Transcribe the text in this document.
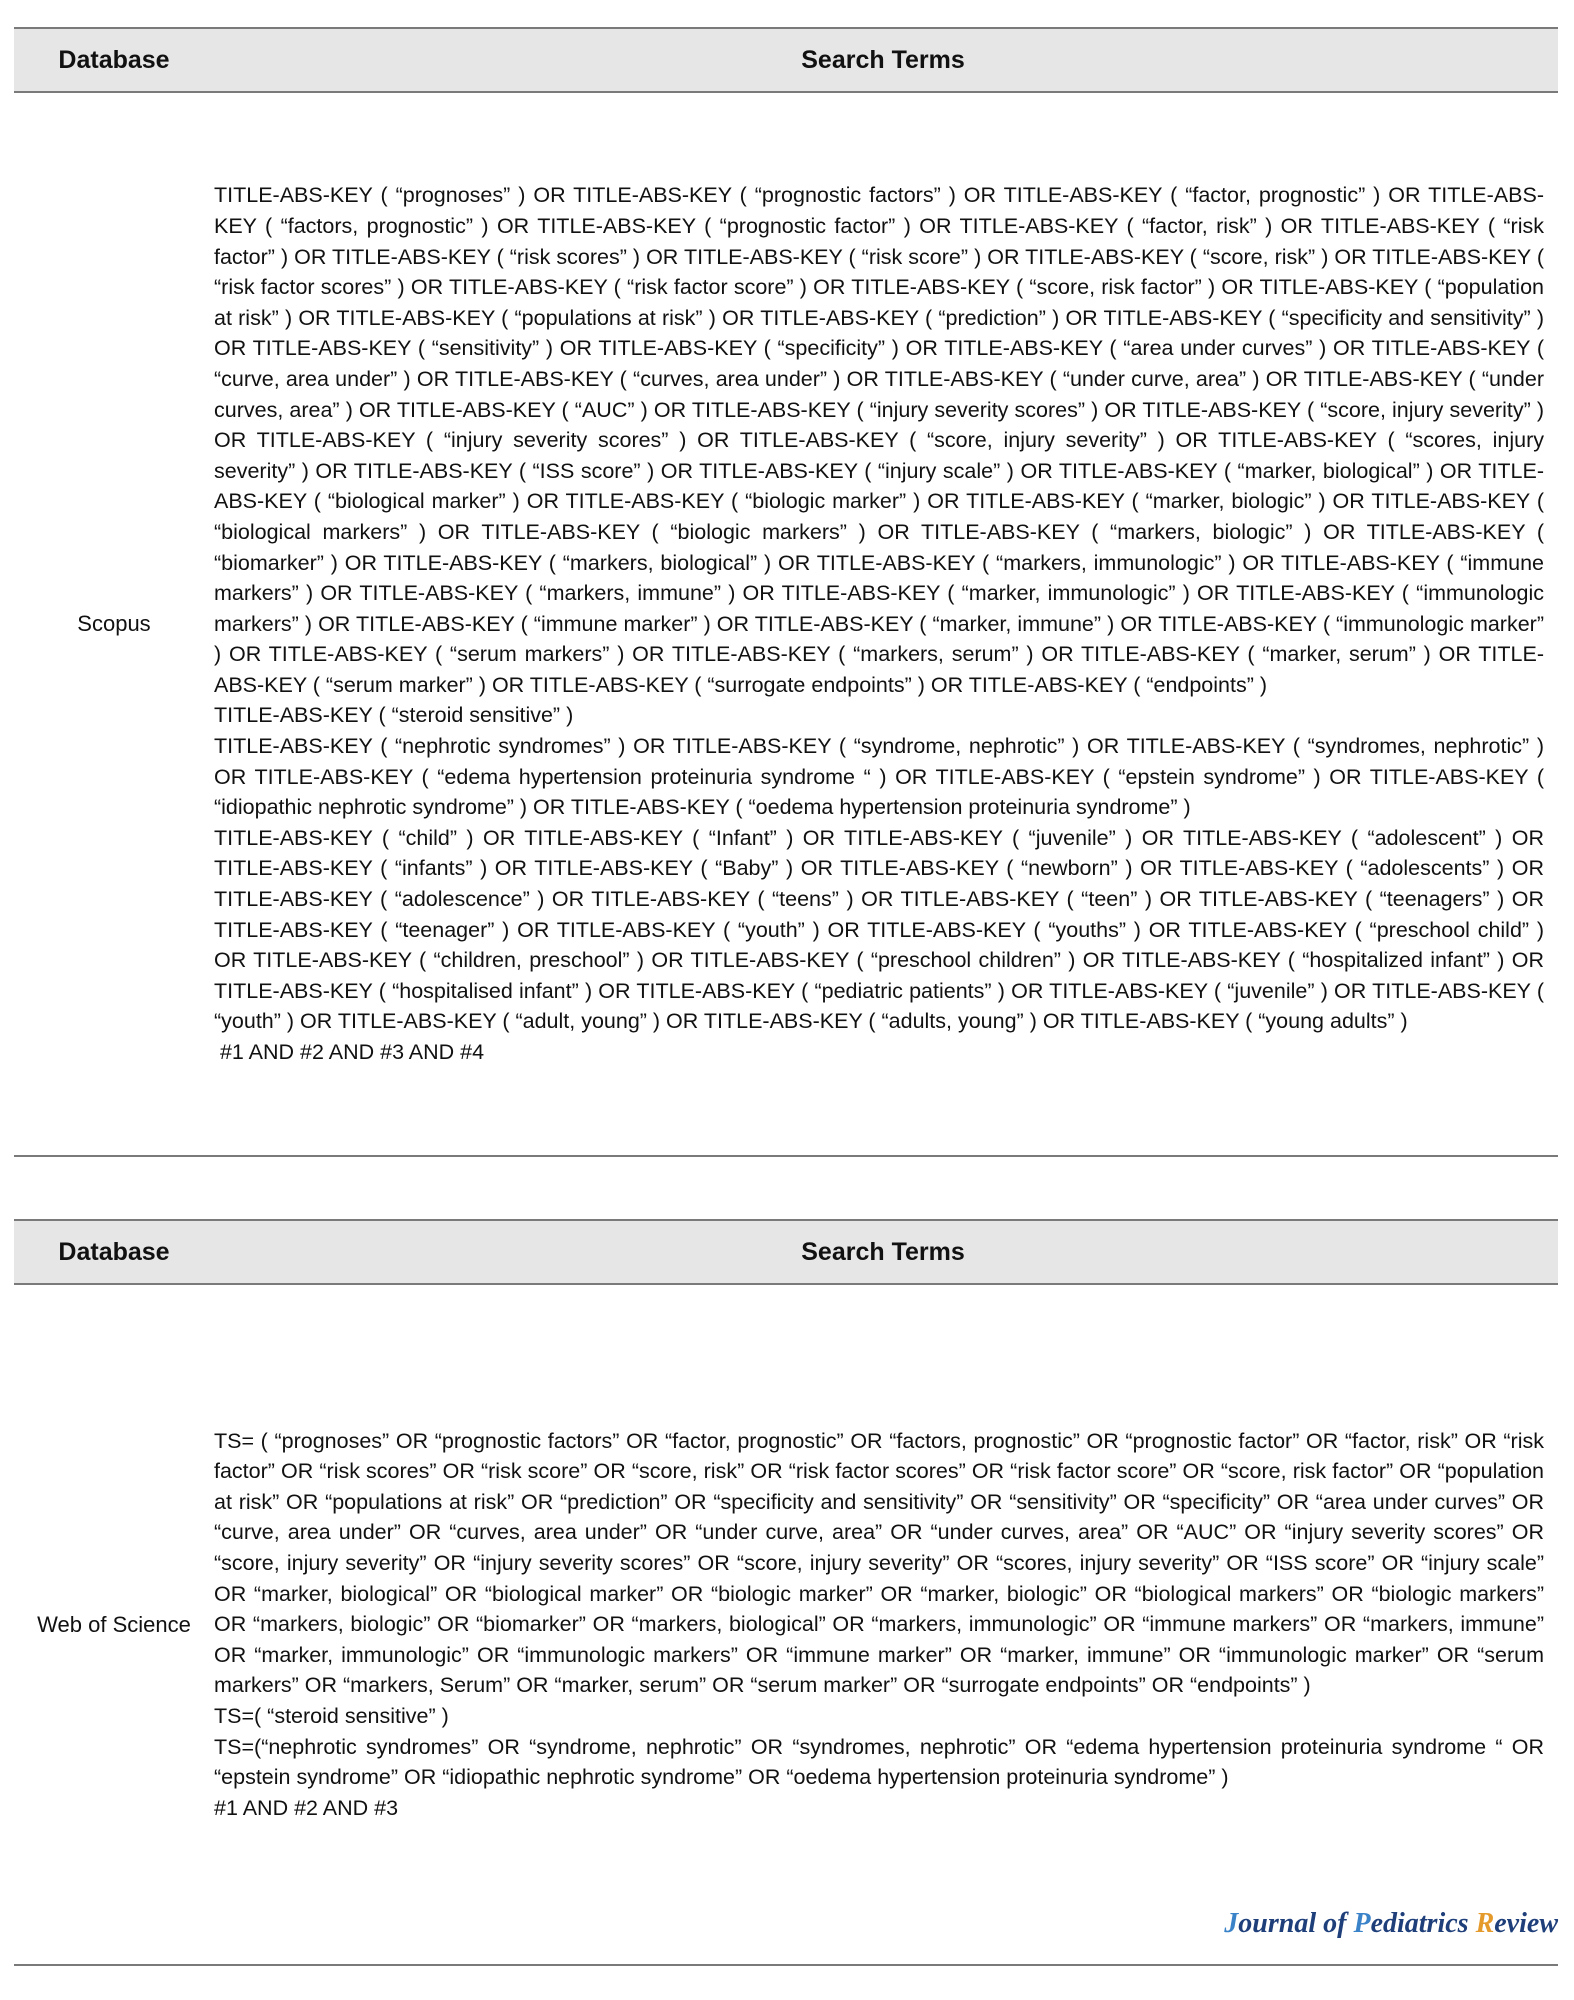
Database	Search Terms
Scopus

TITLE-ABS-KEY ( “prognoses” ) OR TITLE-ABS-KEY ( “prognostic factors” ) OR TITLE-ABS-KEY ( “factor, prognostic” ) OR TITLE-ABS-KEY ( “factors, prognostic” ) OR TITLE-ABS-KEY ( “prognostic factor” ) OR TITLE-ABS-KEY ( “factor, risk” ) OR TITLE-ABS-KEY ( “risk factor” ) OR TITLE-ABS-KEY ( “risk scores” ) OR TITLE-ABS-KEY ( “risk score” ) OR TITLE-ABS-KEY ( “score, risk” ) OR TITLE-ABS-KEY ( “risk factor scores” ) OR TITLE-ABS-KEY ( “risk factor score” ) OR TITLE-ABS-KEY ( “score, risk factor” ) OR TITLE-ABS-KEY ( “population at risk” ) OR TITLE-ABS-KEY ( “populations at risk” ) OR TITLE-ABS-KEY ( “prediction” ) OR TITLE-ABS-KEY ( “specificity and sensitivity” ) OR TITLE-ABS-KEY ( “sensitivity” ) OR TITLE-ABS-KEY ( “specificity” ) OR TITLE-ABS-KEY ( “area under curves” ) OR TITLE-ABS-KEY ( “curve, area under” ) OR TITLE-ABS-KEY ( “curves, area under” ) OR TITLE-ABS-KEY ( “under curve, area” ) OR TITLE-ABS-KEY ( “under curves, area” ) OR TITLE-ABS-KEY ( “AUC” ) OR TITLE-ABS-KEY ( “injury severity scores” ) OR TITLE-ABS-KEY ( “score, injury severity” ) OR TITLE-ABS-KEY ( “injury severity scores” ) OR TITLE-ABS-KEY ( “score, injury severity” ) OR TITLE-ABS-KEY ( “scores, injury severity” ) OR TITLE-ABS-KEY ( “ISS score” ) OR TITLE-ABS-KEY ( “injury scale” ) OR TITLE-ABS-KEY ( “marker, biological” ) OR TITLE-ABS-KEY ( “biological marker” ) OR TITLE-ABS-KEY ( “biologic marker” ) OR TITLE-ABS-KEY ( “marker, biologic” ) OR TITLE-ABS-KEY ( “biological markers” ) OR TITLE-ABS-KEY ( “biologic markers” ) OR TITLE-ABS-KEY ( “markers, biologic” ) OR TITLE-ABS-KEY ( “biomarker” ) OR TITLE-ABS-KEY ( “markers, biological” ) OR TITLE-ABS-KEY ( “markers, immunologic” ) OR TITLE-ABS-KEY ( “immune markers” ) OR TITLE-ABS-KEY ( “markers, immune” ) OR TITLE-ABS-KEY ( “marker, immunologic” ) OR TITLE-ABS-KEY ( “immunologic markers” ) OR TITLE-ABS-KEY ( “immune marker” ) OR TITLE-ABS-KEY ( “marker, immune” ) OR TITLE-ABS-KEY ( “immunologic marker” ) OR TITLE-ABS-KEY ( “serum markers” ) OR TITLE-ABS-KEY ( “markers, serum” ) OR TITLE-ABS-KEY ( “marker, serum” ) OR TITLE-ABS-KEY ( “serum marker” ) OR TITLE-ABS-KEY ( “surrogate endpoints” ) OR TITLE-ABS-KEY ( “endpoints” )

TITLE-ABS-KEY ( “steroid sensitive” )

TITLE-ABS-KEY ( “nephrotic syndromes” ) OR TITLE-ABS-KEY ( “syndrome, nephrotic” ) OR TITLE-ABS-KEY ( “syndromes, nephrotic” ) OR TITLE-ABS-KEY ( “edema hypertension proteinuria syndrome “ ) OR TITLE-ABS-KEY ( “epstein syndrome” ) OR TITLE-ABS-KEY ( “idiopathic nephrotic syndrome” ) OR TITLE-ABS-KEY ( “oedema hypertension proteinuria syndrome” )

TITLE-ABS-KEY ( “child” ) OR TITLE-ABS-KEY ( “Infant” ) OR TITLE-ABS-KEY ( “juvenile” ) OR TITLE-ABS-KEY ( “adolescent” ) OR TITLE-ABS-KEY ( “infants” ) OR TITLE-ABS-KEY ( “Baby” ) OR TITLE-ABS-KEY ( “newborn” ) OR TITLE-ABS-KEY ( “adolescents” ) OR TITLE-ABS-KEY ( “adolescence” ) OR TITLE-ABS-KEY ( “teens” ) OR TITLE-ABS-KEY ( “teen” ) OR TITLE-ABS-KEY ( “teenagers” ) OR TITLE-ABS-KEY ( “teenager” ) OR TITLE-ABS-KEY ( “youth” ) OR TITLE-ABS-KEY ( “youths” ) OR TITLE-ABS-KEY ( “preschool child” ) OR TITLE-ABS-KEY ( “children, preschool” ) OR TITLE-ABS-KEY ( “preschool children” ) OR TITLE-ABS-KEY ( “hospitalized infant” ) OR TITLE-ABS-KEY ( “hospitalised infant” ) OR TITLE-ABS-KEY ( “pediatric patients” ) OR TITLE-ABS-KEY ( “juvenile” ) OR TITLE-ABS-KEY ( “youth” ) OR TITLE-ABS-KEY ( “adult, young” ) OR TITLE-ABS-KEY ( “adults, young” ) OR TITLE-ABS-KEY ( “young adults” )

#1 AND #2 AND #3 AND #4

Database	Search Terms
Web of Science

TS= ( “prognoses” OR “prognostic factors” OR “factor, prognostic” OR “factors, prognostic” OR “prognostic factor” OR “factor, risk” OR “risk factor” OR “risk scores” OR “risk score” OR “score, risk” OR “risk factor scores” OR “risk factor score” OR “score, risk factor” OR “population at risk” OR “populations at risk” OR “prediction” OR “specificity and sensitivity” OR “sensitivity” OR “specificity” OR “area under curves” OR “curve, area under” OR “curves, area under” OR “under curve, area” OR “under curves, area” OR “AUC” OR “injury severity scores” OR “score, injury severity” OR “injury severity scores” OR “score, injury severity” OR “scores, injury severity” OR “ISS score” OR “injury scale” OR “marker, biological” OR “biological marker” OR “biologic marker” OR “marker, biologic” OR “biological markers” OR “biologic markers” OR “markers, biologic” OR “biomarker” OR “markers, biological” OR “markers, immunologic” OR “immune markers” OR “markers, immune” OR “marker, immunologic” OR “immunologic markers” OR “immune marker” OR “marker, immune” OR “immunologic marker” OR “serum markers” OR “markers, Serum” OR “marker, serum” OR “serum marker” OR “surrogate endpoints” OR “endpoints” )

TS=( “steroid sensitive” )

TS=(“nephrotic syndromes” OR “syndrome, nephrotic” OR “syndromes, nephrotic” OR “edema hypertension proteinuria syndrome “ OR “epstein syndrome” OR “idiopathic nephrotic syndrome” OR “oedema hypertension proteinuria syndrome” )

#1 AND #2 AND #3

Journal of Pediatrics Review
